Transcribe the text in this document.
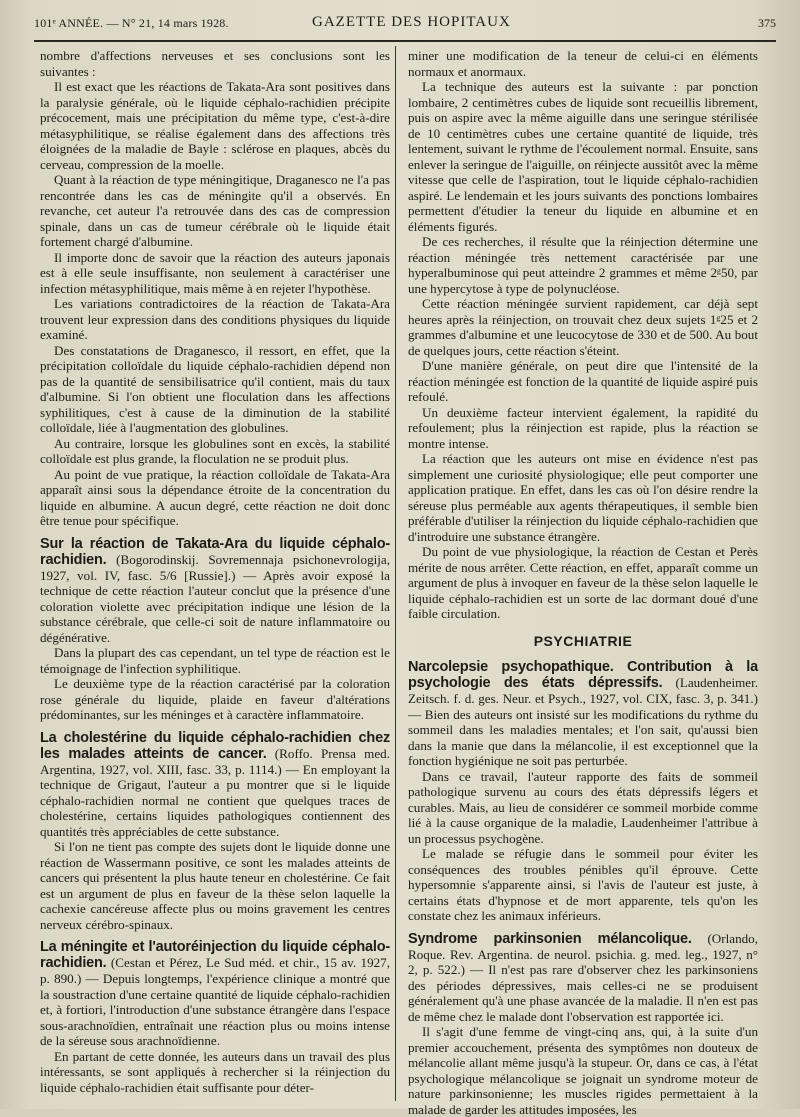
101ᵉ ANNÉE. — N° 21, 14 mars 1928.	GAZETTE DES HOPITAUX	375

nombre d'affections nerveuses et ses conclusions sont les suivantes :

Il est exact que les réactions de Takata-Ara sont positives dans la paralysie générale, où le liquide céphalo-rachidien précipite précocement, mais une précipitation du même type, c'est-à-dire métasyphilitique, se réalise également dans des affections très éloignées de la maladie de Bayle : sclérose en plaques, abcès du cerveau, compression de la moelle.

Quant à la réaction de type méningitique, Draganesco ne l'a pas rencontrée dans les cas de méningite qu'il a observés. En revanche, cet auteur l'a retrouvée dans des cas de compression spinale, dans un cas de tumeur cérébrale où le liquide était fortement chargé d'albumine.

Il importe donc de savoir que la réaction des auteurs japonais est à elle seule insuffisante, non seulement à caractériser une infection métasyphilitique, mais même à en rejeter l'hypothèse.

Les variations contradictoires de la réaction de Takata-Ara trouvent leur expression dans des conditions physiques du liquide examiné.

Des constatations de Draganesco, il ressort, en effet, que la précipitation colloïdale du liquide céphalo-rachidien dépend non pas de la quantité de sensibilisatrice qu'il contient, mais du taux d'albumine. Si l'on obtient une floculation dans les affections syphilitiques, c'est à cause de la diminution de la stabilité colloïdale, liée à l'augmentation des globulines.

Au contraire, lorsque les globulines sont en excès, la stabilité colloïdale est plus grande, la floculation ne se produit plus.

Au point de vue pratique, la réaction colloïdale de Takata-Ara apparaît ainsi sous la dépendance étroite de la concentration du liquide en albumine. A aucun degré, cette réaction ne doit donc être tenue pour spécifique.

Sur la réaction de Takata-Ara du liquide céphalo-rachidien. (Bogorodinskij. Sovremennaja psichonevrologija, 1927, vol. IV, fasc. 5/6 [Russie].) — Après avoir exposé la technique de cette réaction l'auteur conclut que la présence d'une coloration violette avec précipitation indique une lésion de la substance cérébrale, que celle-ci soit de nature inflammatoire ou dégénérative.

Dans la plupart des cas cependant, un tel type de réaction est le témoignage de l'infection syphilitique.

Le deuxième type de la réaction caractérisé par la coloration rose générale du liquide, plaide en faveur d'altérations prédominantes, sur les méninges et à caractère inflammatoire.

La cholestérine du liquide céphalo-rachidien chez les malades atteints de cancer. (Roffo. Prensa med. Argentina, 1927, vol. XIII, fasc. 33, p. 1114.) — En employant la technique de Grigaut, l'auteur a pu montrer que si le liquide céphalo-rachidien normal ne contient que quelques traces de cholestérine, certains liquides pathologiques contiennent des quantités très appréciables de cette substance.

Si l'on ne tient pas compte des sujets dont le liquide donne une réaction de Wassermann positive, ce sont les malades atteints de cancers qui présentent la plus haute teneur en cholestérine. Ce fait est un argument de plus en faveur de la thèse selon laquelle la cachexie cancéreuse affecte plus ou moins gravement les centres nerveux cérébro-spinaux.

La méningite et l'autoréinjection du liquide céphalo-rachidien. (Cestan et Pérez, Le Sud méd. et chir., 15 av. 1927, p. 890.) — Depuis longtemps, l'expérience clinique a montré que la soustraction d'une certaine quantité de liquide céphalo-rachidien et, à fortiori, l'introduction d'une substance étrangère dans l'espace sous-arachnoïdien, entraînait une réaction plus ou moins intense de la séreuse sous arachnoïdienne.

En partant de cette donnée, les auteurs dans un travail des plus intéressants, se sont appliqués à rechercher si la réinjection du liquide céphalo-rachidien était suffisante pour déter-

miner une modification de la teneur de celui-ci en éléments normaux et anormaux.

La technique des auteurs est la suivante : par ponction lombaire, 2 centimètres cubes de liquide sont recueillis librement, puis on aspire avec la même aiguille dans une seringue stérilisée de 10 centimètres cubes une certaine quantité de liquide, très lentement, suivant le rythme de l'écoulement normal. Ensuite, sans enlever la seringue de l'aiguille, on réinjecte aussitôt avec la même vitesse que celle de l'aspiration, tout le liquide céphalo-rachidien aspiré. Le lendemain et les jours suivants des ponctions lombaires permettent d'étudier la teneur du liquide en albumine et en éléments figurés.

De ces recherches, il résulte que la réinjection détermine une réaction méningée très nettement caractérisée par une hyperalbuminose qui peut atteindre 2 grammes et même 2ᵍ50, par une hypercytose à type de polynucléose.

Cette réaction méningée survient rapidement, car déjà sept heures après la réinjection, on trouvait chez deux sujets 1ᵍ25 et 2 grammes d'albumine et une leucocytose de 330 et de 500. Au bout de quelques jours, cette réaction s'éteint.

D'une manière générale, on peut dire que l'intensité de la réaction méningée est fonction de la quantité de liquide aspiré puis refoulé.

Un deuxième facteur intervient également, la rapidité du refoulement; plus la réinjection est rapide, plus la réaction se montre intense.

La réaction que les auteurs ont mise en évidence n'est pas simplement une curiosité physiologique; elle peut comporter une application pratique. En effet, dans les cas où l'on désire rendre la séreuse plus perméable aux agents thérapeutiques, il semble bien préférable d'utiliser la réinjection du liquide céphalo-rachidien que d'introduire une substance étrangère.

Du point de vue physiologique, la réaction de Cestan et Perès mérite de nous arrêter. Cette réaction, en effet, apparaît comme un argument de plus à invoquer en faveur de la thèse selon laquelle le liquide céphalo-rachidien est un sorte de lac dormant doué d'une faible circulation.

PSYCHIATRIE

Narcolepsie psychopathique. Contribution à la psychologie des états dépressifs. (Laudenheimer. Zeitsch. f. d. ges. Neur. et Psych., 1927, vol. CIX, fasc. 3, p. 341.) — Bien des auteurs ont insisté sur les modifications du rythme du sommeil dans les maladies mentales; et l'on sait, qu'aussi bien dans la manie que dans la mélancolie, il est exceptionnel que la fonction hygiénique ne soit pas perturbée.

Dans ce travail, l'auteur rapporte des faits de sommeil pathologique survenu au cours des états dépressifs légers et curables. Mais, au lieu de considérer ce sommeil morbide comme lié à la cause organique de la maladie, Laudenheimer l'attribue à un processus psychogène.

Le malade se réfugie dans le sommeil pour éviter les conséquences des troubles pénibles qu'il éprouve. Cette hypersomnie s'apparente ainsi, si l'avis de l'auteur est juste, à certains états d'hypnose et de mort apparente, tels qu'on les constate chez les animaux inférieurs.

Syndrome parkinsonien mélancolique. (Orlando, Roque. Rev. Argentina. de neurol. psichia. g. med. leg., 1927, n° 2, p. 522.) — Il n'est pas rare d'observer chez les parkinsoniens des périodes dépressives, mais celles-ci ne se produisent généralement qu'à une phase avancée de la maladie. Il n'en est pas de même chez le malade dont l'observation est rapportée ici.

Il s'agit d'une femme de vingt-cinq ans, qui, à la suite d'un premier accouchement, présenta des symptômes non douteux de mélancolie allant même jusqu'à la stupeur. Or, dans ce cas, à l'état psychologique mélancolique se joignait un syndrome moteur de nature parkinsonienne; les muscles rigides permettaient à la malade de garder les attitudes imposées, les
